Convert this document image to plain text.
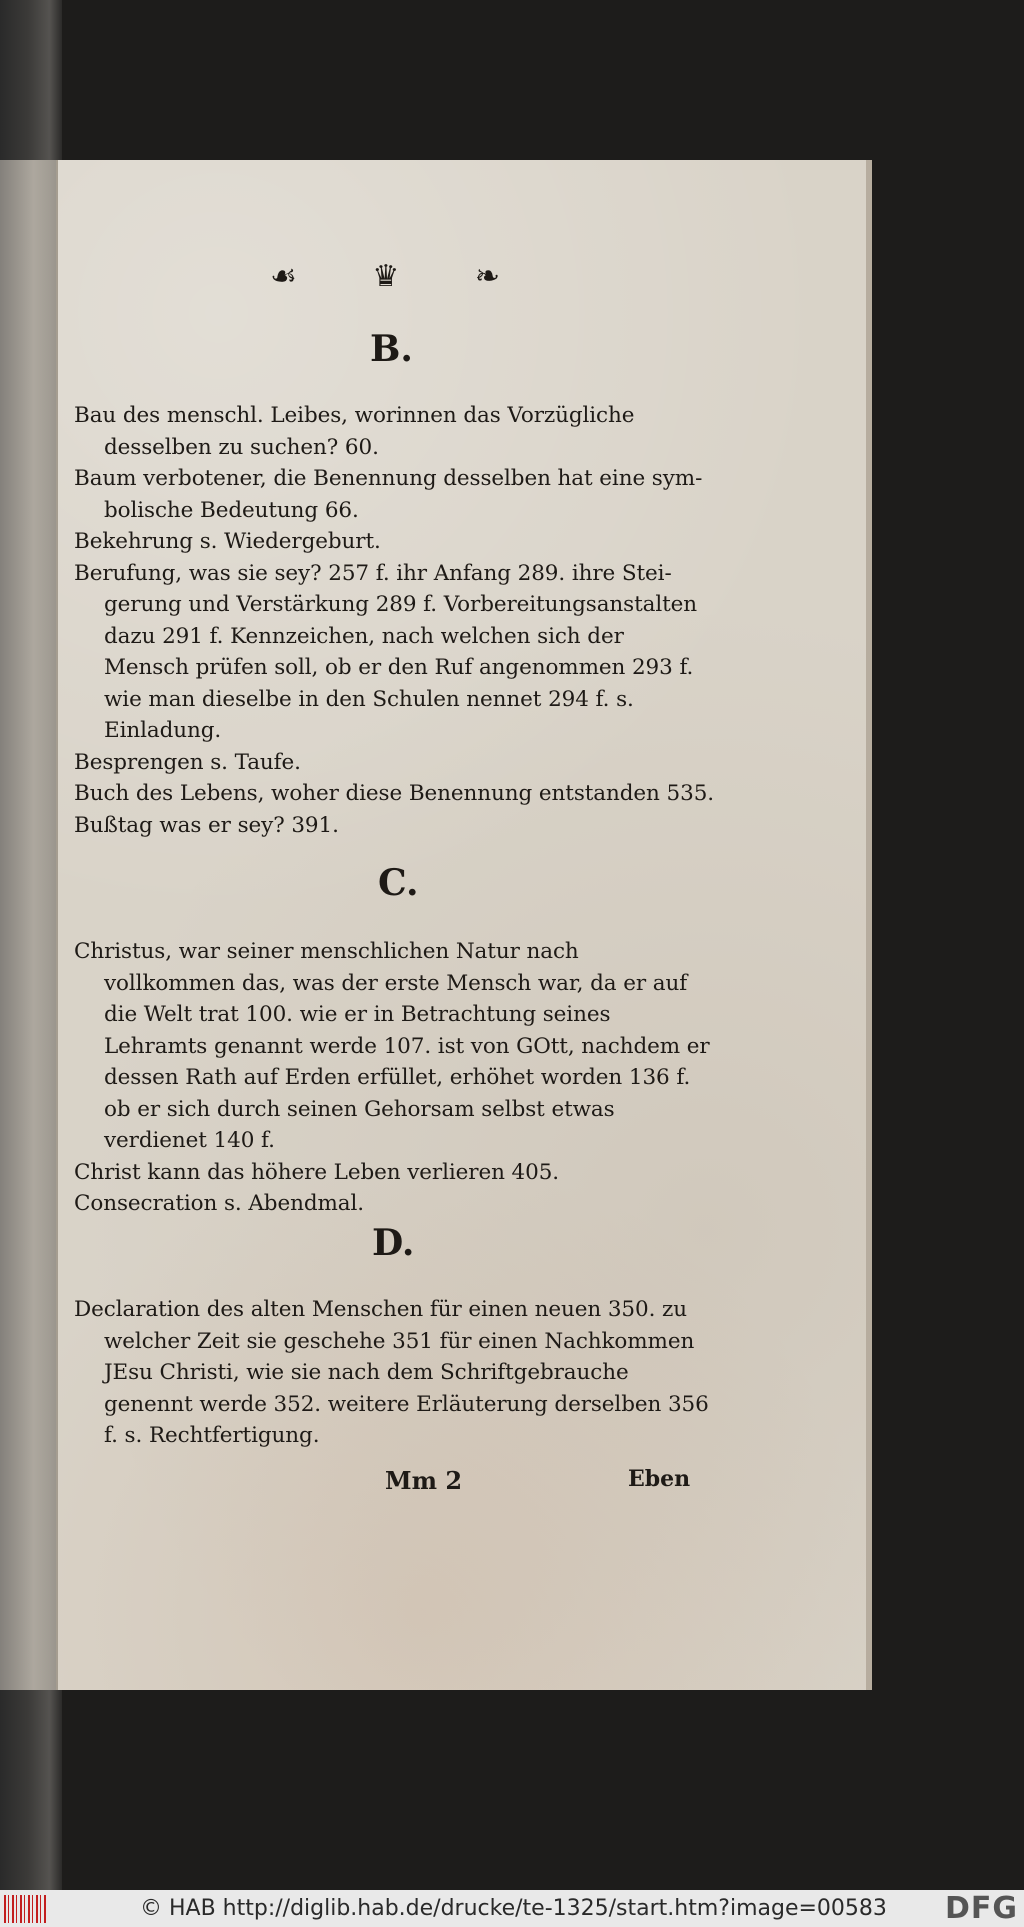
☙	♛	❧
B.

Bau des menschl. Leibes, worinnen das Vorzügliche desselben zu suchen? 60.

Baum verbotener, die Benennung desselben hat eine symbolische Bedeutung 66.

Bekehrung s. Wiedergeburt.

Berufung, was sie sey? 257 f. ihr Anfang 289. ihre Steigerung und Verstärkung 289 f. Vorbereitungsanstalten dazu 291 f. Kennzeichen, nach welchen sich der Mensch prüfen soll, ob er den Ruf angenommen 293 f. wie man dieselbe in den Schulen nennet 294 f. s. Einladung.

Besprengen s. Taufe.

Buch des Lebens, woher diese Benennung entstanden 535.

Bußtag was er sey? 391.

C.

Christus, war seiner menschlichen Natur nach vollkommen das, was der erste Mensch war, da er auf die Welt trat 100. wie er in Betrachtung seines Lehramts genannt werde 107. ist von GOtt, nachdem er dessen Rath auf Erden erfüllet, erhöhet worden 136 f. ob er sich durch seinen Gehorsam selbst etwas verdienet 140 f.

Christ kann das höhere Leben verlieren 405.

Consecration s. Abendmal.

D.

Declaration des alten Menschen für einen neuen 350. zu welcher Zeit sie geschehe 351 für einen Nachkommen JEsu Christi, wie sie nach dem Schriftgebrauche genennt werde 352. weitere Erläuterung derselben 356 f. s. Rechtfertigung.

Mm 2	Eben
© HAB http://diglib.hab.de/drucke/te-1325/start.htm?image=00583 DFG
